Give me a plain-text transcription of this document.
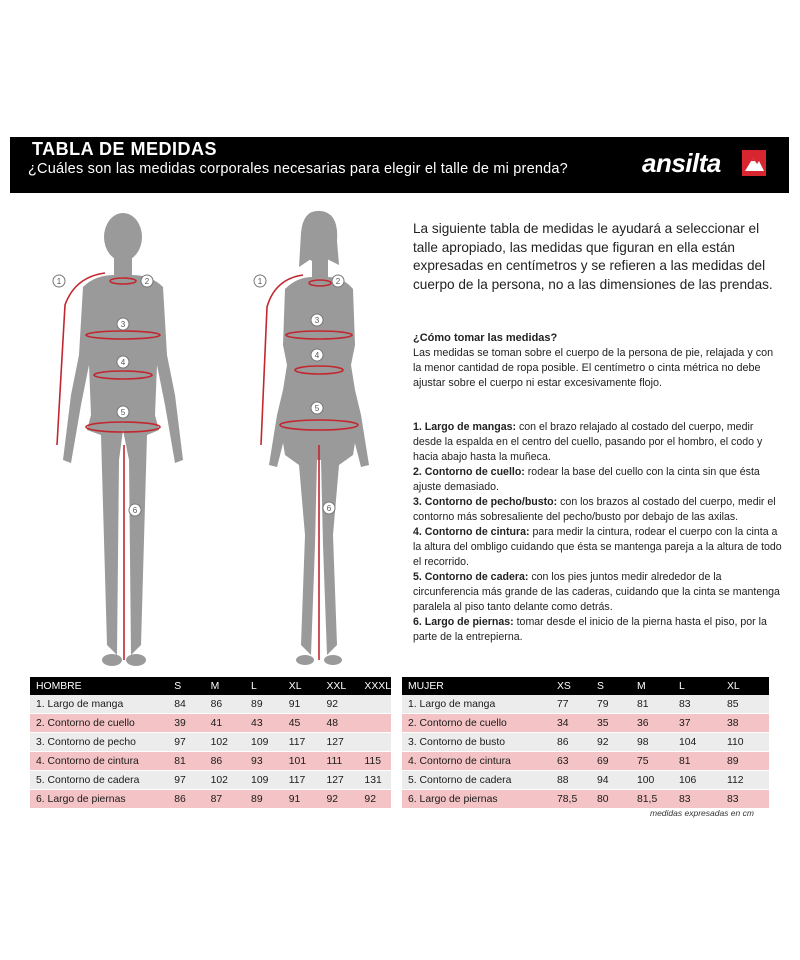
TABLA DE MEDIDAS
¿Cuáles son las medidas corporales necesarias para elegir el talle de mi prenda?	ansilta
1	2
3
4
5
6
1	2
3
4
5
6
La siguiente tabla de medidas le ayudará a seleccionar el talle apropiado, las medidas que figuran en ella están expresadas en centímetros y se refieren a las medidas del cuerpo de la persona, no a las dimensiones de las prendas.
¿Cómo tomar las medidas?
Las medidas se toman sobre el cuerpo de la persona de pie, relajada y con la menor cantidad de ropa posible. El centímetro o cinta métrica no debe ajustar sobre el cuerpo ni estar excesivamente flojo.

1. Largo de mangas: con el brazo relajado al costado del cuerpo, medir desde la espalda en el centro del cuello, pasando por el hombro, el codo y hacia abajo hasta la muñeca.

2. Contorno de cuello: rodear la base del cuello con la cinta sin que ésta ajuste demasiado.

3. Contorno de pecho/busto: con los brazos al costado del cuerpo, medir el contorno más sobresaliente del pecho/busto por debajo de las axilas.

4. Contorno de cintura: para medir la cintura, rodear el cuerpo con la cinta a la altura del ombligo cuidando que ésta se mantenga pareja a la altura de todo el recorrido.

5. Contorno de cadera: con los pies juntos medir alrededor de la circunferencia más grande de las caderas, cuidando que la cinta se mantenga paralela al piso tanto delante como detrás.

6. Largo de piernas: tomar desde el inicio de la pierna hasta el piso, por la parte de la entrepierna.

HOMBRE	S	M	L	XL	XXL	XXXL
1. Largo de manga	84	86	89	91	92	
2. Contorno de cuello	39	41	43	45	48	
3. Contorno de pecho	97	102	109	117	127	
4. Contorno de cintura	81	86	93	101	111	115
5. Contorno de cadera	97	102	109	117	127	131
6. Largo de piernas	86	87	89	91	92	92
MUJER	XS	S	M	L	XL
1. Largo de manga	77	79	81	83	85
2. Contorno de cuello	34	35	36	37	38
3. Contorno de busto	86	92	98	104	110
4. Contorno de cintura	63	69	75	81	89
5. Contorno de cadera	88	94	100	106	112
6. Largo de piernas	78,5	80	81,5	83	83
medidas expresadas en cm
